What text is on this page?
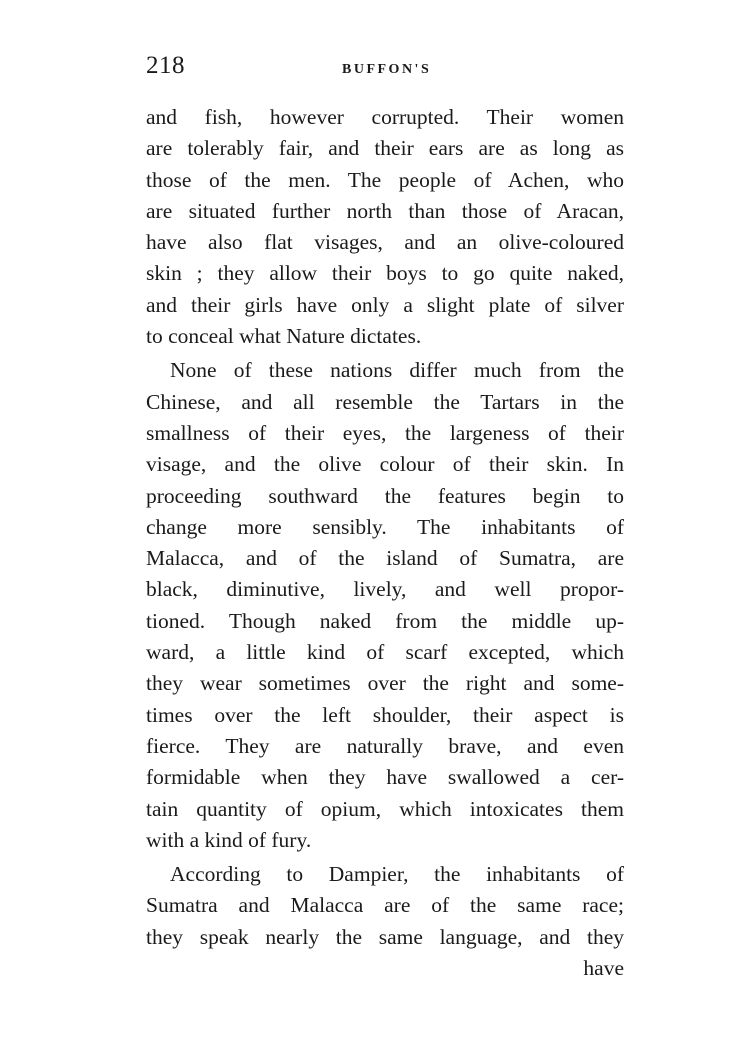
218	BUFFON'S
and fish, however corrupted. Their women
are tolerably fair, and their ears are as long as
those of the men. The people of Achen, who
are situated further north than those of Aracan,
have also flat visages, and an olive-coloured
skin ; they allow their boys to go quite naked,
and their girls have only a slight plate of silver
to conceal what Nature dictates.
None of these nations differ much from the
Chinese, and all resemble the Tartars in the
smallness of their eyes, the largeness of their
visage, and the olive colour of their skin. In
proceeding southward the features begin to
change more sensibly. The inhabitants of
Malacca, and of the island of Sumatra, are
black, diminutive, lively, and well propor-
tioned. Though naked from the middle up-
ward, a little kind of scarf excepted, which
they wear sometimes over the right and some-
times over the left shoulder, their aspect is
fierce. They are naturally brave, and even
formidable when they have swallowed a cer-
tain quantity of opium, which intoxicates them
with a kind of fury.
According to Dampier, the inhabitants of
Sumatra and Malacca are of the same race;
they speak nearly the same language, and they
have
